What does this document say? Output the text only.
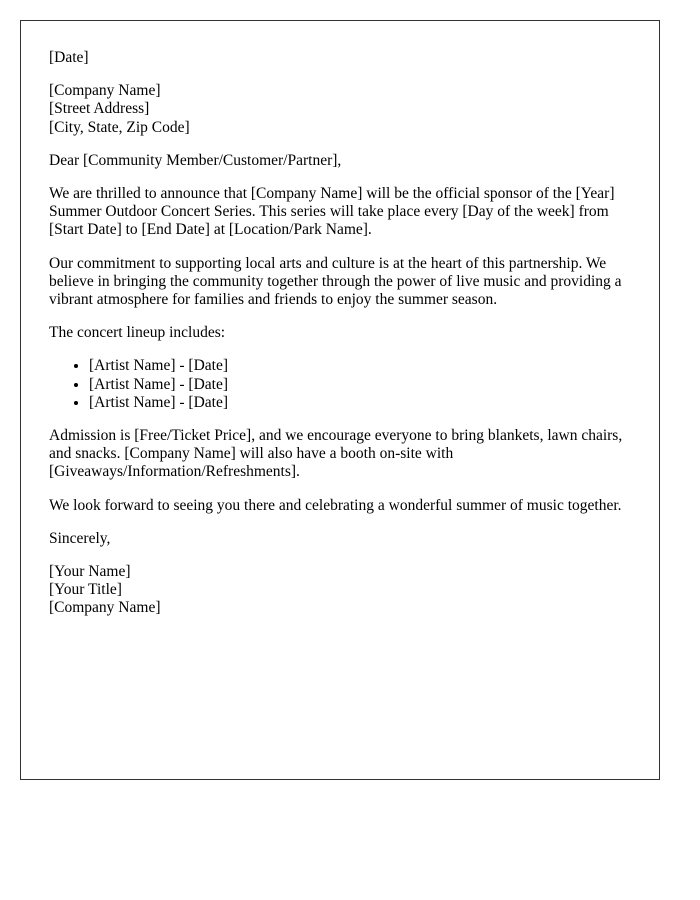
[Date]
[Company Name]
[Street Address]
[City, State, Zip Code]

Dear [Community Member/Customer/Partner],

We are thrilled to announce that [Company Name] will be the official sponsor of the [Year] Summer Outdoor Concert Series. This series will take place every [Day of the week] from [Start Date] to [End Date] at [Location/Park Name].

Our commitment to supporting local arts and culture is at the heart of this partnership. We believe in bringing the community together through the power of live music and providing a vibrant atmosphere for families and friends to enjoy the summer season.

The concert lineup includes:

• [Artist Name] - [Date]
• [Artist Name] - [Date]
• [Artist Name] - [Date]

Admission is [Free/Ticket Price], and we encourage everyone to bring blankets, lawn chairs, and snacks. [Company Name] will also have a booth on-site with [Giveaways/Information/Refreshments].

We look forward to seeing you there and celebrating a wonderful summer of music together.

Sincerely,

[Your Name]
[Your Title]
[Company Name]
